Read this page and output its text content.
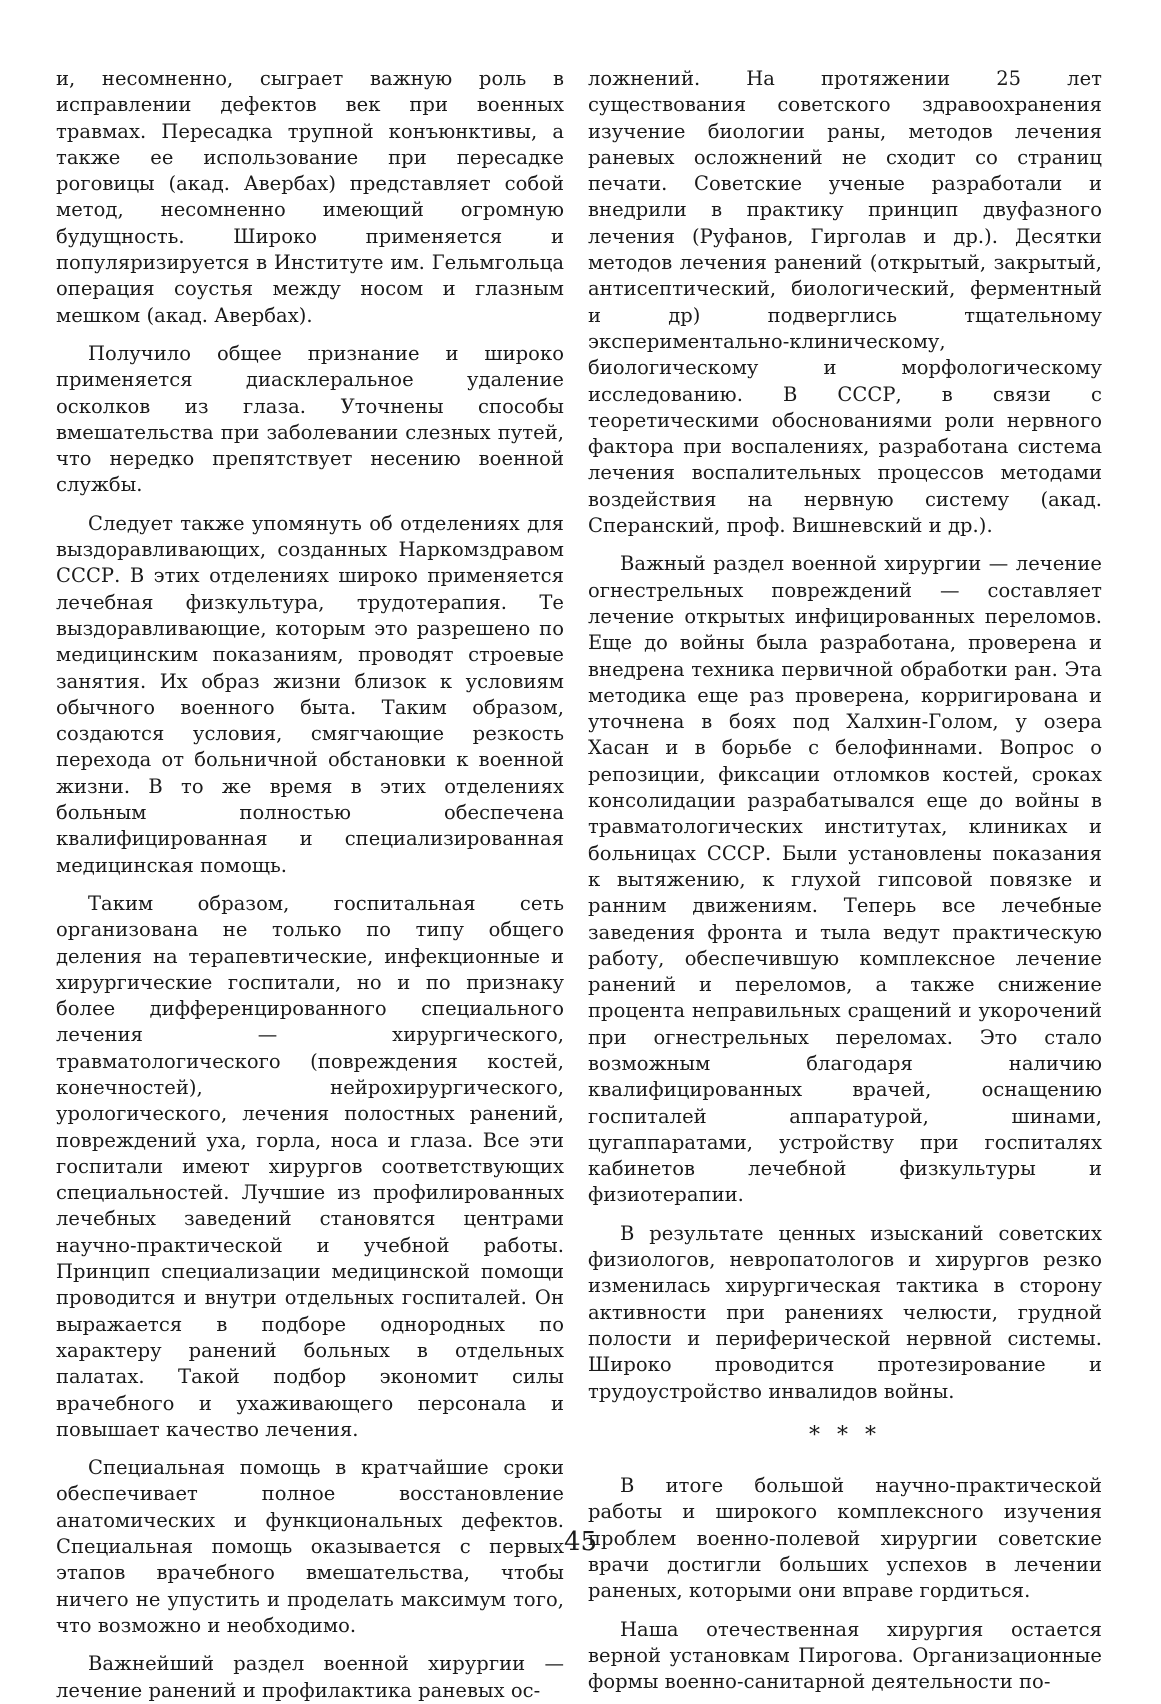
и, несомненно, сыграет важную роль в исправлении дефектов век при военных травмах. Пересадка трупной конъюнктивы, а также ее использование при пересадке роговицы (акад. Авербах) представляет собой метод, несомненно имеющий огромную будущность. Широко применяется и популяризируется в Институте им. Гельмгольца операция соустья между носом и глазным мешком (акад. Авербах).

Получило общее признание и широко применяется диасклеральное удаление осколков из глаза. Уточнены способы вмешательства при заболевании слезных путей, что нередко препятствует несению военной службы.

Следует также упомянуть об отделениях для выздоравливающих, созданных Наркомздравом СССР. В этих отделениях широко применяется лечебная физкультура, трудотерапия. Те выздоравливающие, которым это разрешено по медицинским показаниям, проводят строевые занятия. Их образ жизни близок к условиям обычного военного быта. Таким образом, создаются условия, смягчающие резкость перехода от больничной обстановки к военной жизни. В то же время в этих отделениях больным полностью обеспечена квалифицированная и специализированная медицинская помощь.

Таким образом, госпитальная сеть организована не только по типу общего деления на терапевтические, инфекционные и хирургические госпитали, но и по признаку более дифференцированного специального лечения — хирургического, травматологического (повреждения костей, конечностей), нейрохирургического, урологического, лечения полостных ранений, повреждений уха, горла, носа и глаза. Все эти госпитали имеют хирургов соответствующих специальностей. Лучшие из профилированных лечебных заведений становятся центрами научно-практической и учебной работы. Принцип специализации медицинской помощи проводится и внутри отдельных госпиталей. Он выражается в подборе однородных по характеру ранений больных в отдельных палатах. Такой подбор экономит силы врачебного и ухаживающего персонала и повышает качество лечения.

Специальная помощь в кратчайшие сроки обеспечивает полное восстановление анатомических и функциональных дефектов. Специальная помощь оказывается с первых этапов врачебного вмешательства, чтобы ничего не упустить и проделать максимум того, что возможно и необходимо.

Важнейший раздел военной хирургии — лечение ранений и профилактика раневых ос-

ложнений. На протяжении 25 лет существования советского здравоохранения изучение биологии раны, методов лечения раневых осложнений не сходит со страниц печати. Советские ученые разработали и внедрили в практику принцип двуфазного лечения (Руфанов, Гирголав и др.). Десятки методов лечения ранений (открытый, закрытый, антисептический, биологический, ферментный и др) подверглись тщательному экспериментально-клиническому, биологическому и морфологическому исследованию. В СССР, в связи с теоретическими обоснованиями роли нервного фактора при воспалениях, разработана система лечения воспалительных процессов методами воздействия на нервную систему (акад. Сперанский, проф. Вишневский и др.).

Важный раздел военной хирургии — лечение огнестрельных повреждений — составляет лечение открытых инфицированных переломов. Еще до войны была разработана, проверена и внедрена техника первичной обработки ран. Эта методика еще раз проверена, корригирована и уточнена в боях под Халхин-Голом, у озера Хасан и в борьбе с белофиннами. Вопрос о репозиции, фиксации отломков костей, сроках консолидации разрабатывался еще до войны в травматологических институтах, клиниках и больницах СССР. Были установлены показания к вытяжению, к глухой гипсовой повязке и ранним движениям. Теперь все лечебные заведения фронта и тыла ведут практическую работу, обеспечившую комплексное лечение ранений и переломов, а также снижение процента неправильных сращений и укорочений при огнестрельных переломах. Это стало возможным благодаря наличию квалифицированных врачей, оснащению госпиталей аппаратурой, шинами, цугаппаратами, устройству при госпиталях кабинетов лечебной физкультуры и физиотерапии.

В результате ценных изысканий советских физиологов, невропатологов и хирургов резко изменилась хирургическая тактика в сторону активности при ранениях челюсти, грудной полости и периферической нервной системы. Широко проводится протезирование и трудоустройство инвалидов войны.

* * *

В итоге большой научно-практической работы и широкого комплексного изучения проблем военно-полевой хирургии советские врачи достигли больших успехов в лечении раненых, которыми они вправе гордиться.

Наша отечественная хирургия остается верной установкам Пирогова. Организационные формы военно-санитарной деятельности по-

45
